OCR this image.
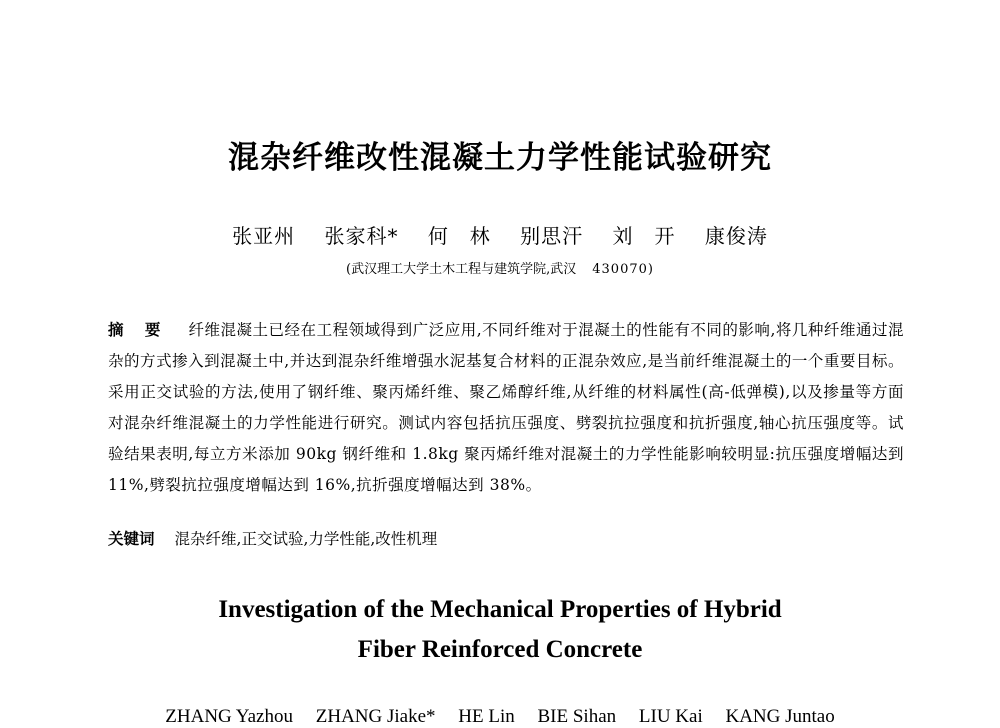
混杂纤维改性混凝土力学性能试验研究
张亚州 张家科* 何　林 别思汗 刘　开 康俊涛
(武汉理工大学土木工程与建筑学院,武汉 430070)
摘 要 纤维混凝土已经在工程领域得到广泛应用,不同纤维对于混凝土的性能有不同的影响,将几种纤维通过混杂的方式掺入到混凝土中,并达到混杂纤维增强水泥基复合材料的正混杂效应,是当前纤维混凝土的一个重要目标。采用正交试验的方法,使用了钢纤维、聚丙烯纤维、聚乙烯醇纤维,从纤维的材料属性(高-低弹模),以及掺量等方面对混杂纤维混凝土的力学性能进行研究。测试内容包括抗压强度、劈裂抗拉强度和抗折强度,轴心抗压强度等。试验结果表明,每立方米添加 90kg 钢纤维和 1.8kg 聚丙烯纤维对混凝土的力学性能影响较明显:抗压强度增幅达到 11%,劈裂抗拉强度增幅达到 16%,抗折强度增幅达到 38%。
关键词 混杂纤维,正交试验,力学性能,改性机理
Investigation of the Mechanical Properties of Hybrid
Fiber Reinforced Concrete
ZHANG Yazhou ZHANG Jiake* HE Lin BIE Sihan LIU Kai KANG Juntao
